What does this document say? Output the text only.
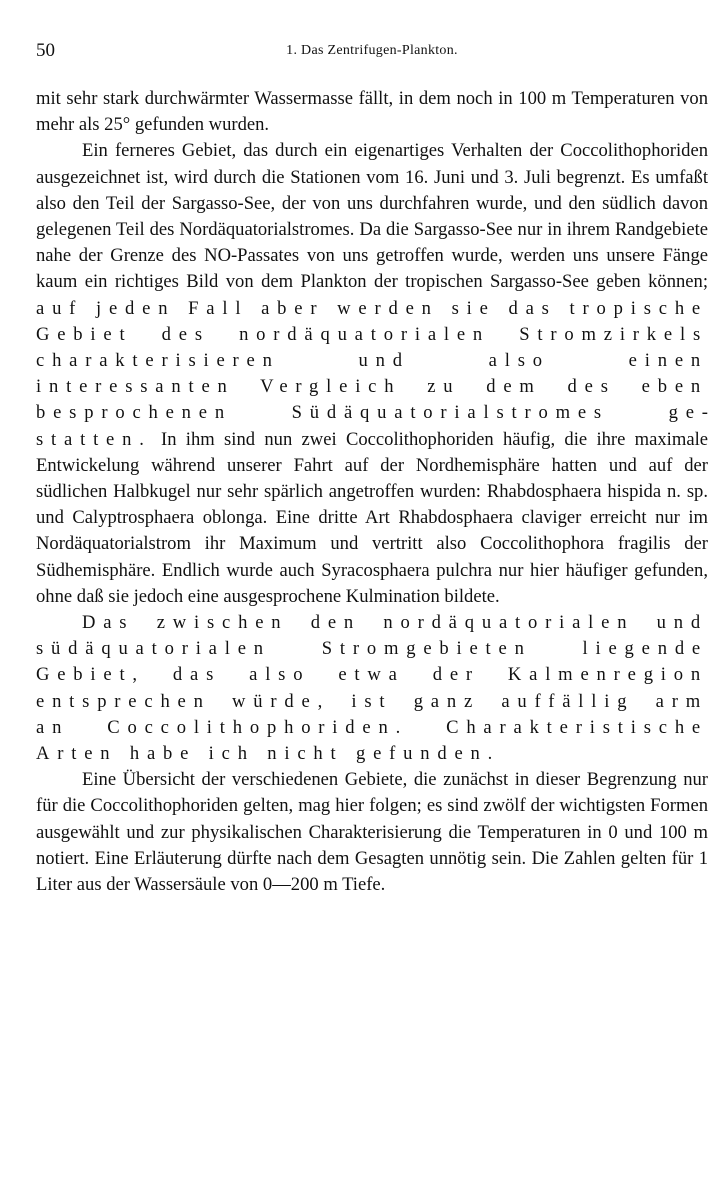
50	1. Das Zentrifugen-Plankton.

mit sehr stark durchwärmter Wassermasse fällt, in dem noch in 100 m Temperaturen von mehr als 25° gefunden wurden.

Ein ferneres Gebiet, das durch ein eigenartiges Verhalten der Coccolithophoriden ausgezeichnet ist, wird durch die Stationen vom 16. Juni und 3. Juli begrenzt. Es umfaßt also den Teil der Sargasso-See, der von uns durchfahren wurde, und den südlich davon gelegenen Teil des Nordäquatorialstromes. Da die Sargasso-See nur in ihrem Randgebiete nahe der Grenze des NO-Passates von uns getroffen wurde, werden uns unsere Fänge kaum ein richtiges Bild von dem Plankton der tropischen Sargasso-See geben können; auf jeden Fall aber werden sie das tropische Gebiet des nordäquatorialen Stromzirkels charakterisieren und also einen interessanten Vergleich zu dem des eben besprochenen Südäquatorialstromes gestatten. In ihm sind nun zwei Coccolithophoriden häufig, die ihre maximale Entwickelung während unserer Fahrt auf der Nordhemisphäre hatten und auf der südlichen Halbkugel nur sehr spärlich angetroffen wurden: Rhabdosphaera hispida n. sp. und Calyptrosphaera oblonga. Eine dritte Art Rhabdosphaera claviger erreicht nur im Nordäquatorialstrom ihr Maximum und vertritt also Coccolithophora fragilis der Südhemisphäre. Endlich wurde auch Syracosphaera pulchra nur hier häufiger gefunden, ohne daß sie jedoch eine ausgesprochene Kulmination bildete.

Das zwischen den nordäquatorialen und südäquatorialen Stromgebieten liegende Gebiet, das also etwa der Kalmenregion entsprechen würde, ist ganz auffällig arm an Coccolithophoriden. Charakteristische Arten habe ich nicht gefunden.

Eine Übersicht der verschiedenen Gebiete, die zunächst in dieser Begrenzung nur für die Coccolithophoriden gelten, mag hier folgen; es sind zwölf der wichtigsten Formen ausgewählt und zur physikalischen Charakterisierung die Temperaturen in 0 und 100 m notiert. Eine Erläuterung dürfte nach dem Gesagten unnötig sein. Die Zahlen gelten für 1 Liter aus der Wassersäule von 0—200 m Tiefe.
